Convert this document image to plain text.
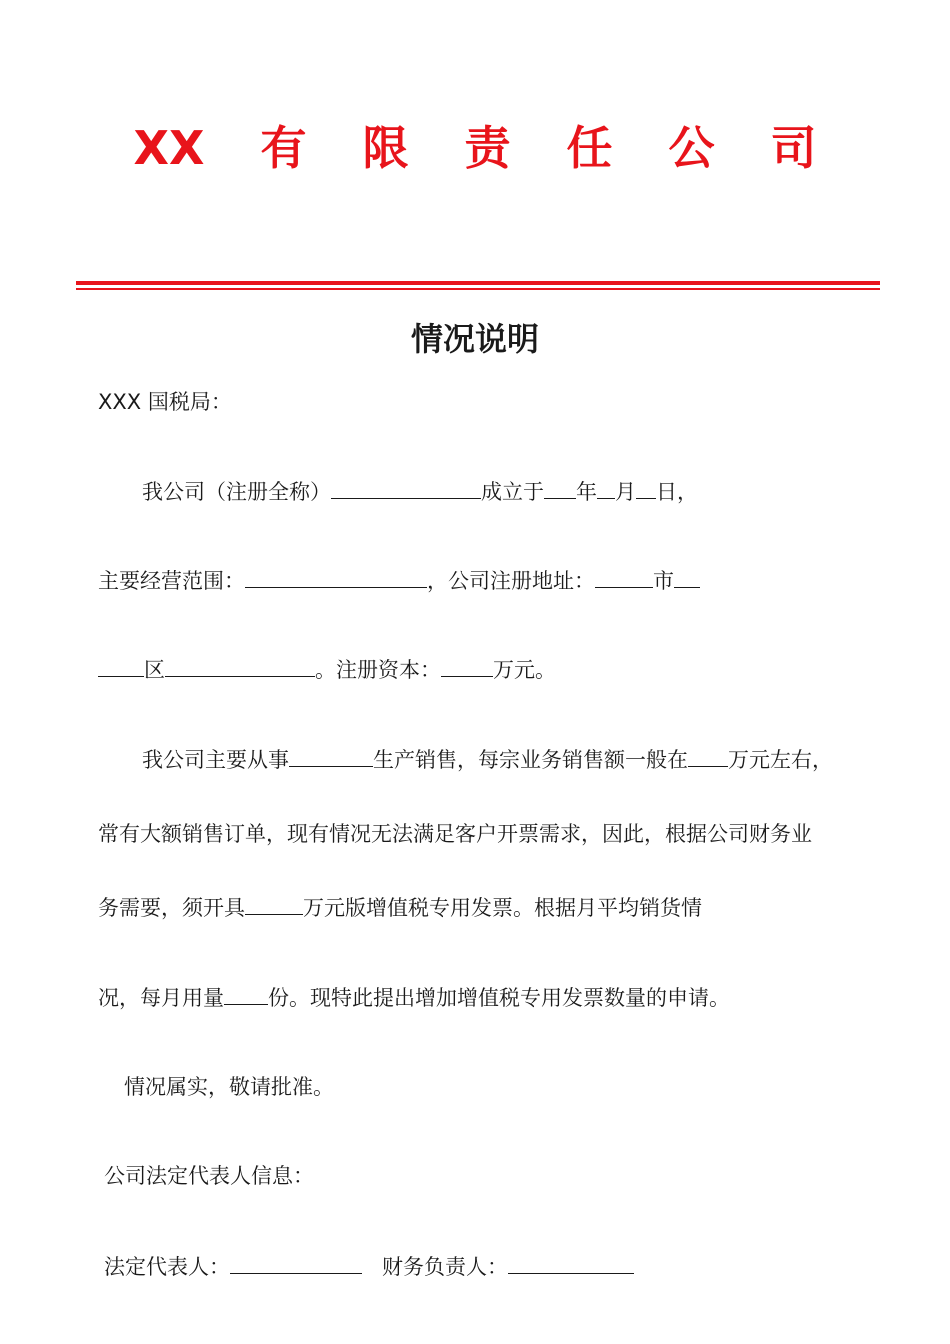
XX 有 限 责 任 公 司
情况说明
XXX 国税局：
我公司（注册全称）	成立于 年 月 日，
主要经营范围：	，公司注册地址：	市
区	。注册资本： 万元。
我公司主要从事	生产销售，每宗业务销售额一般在 万元左右，
常有大额销售订单，现有情况无法满足客户开票需求，因此，根据公司财务业
务需要，须开具	万元版增值税专用发票。根据月平均销货情
况，每月用量 份。现特此提出增加增值税专用发票数量的申请。
情况属实，敬请批准。
公司法定代表人信息：
法定代表人：	财务负责人：
